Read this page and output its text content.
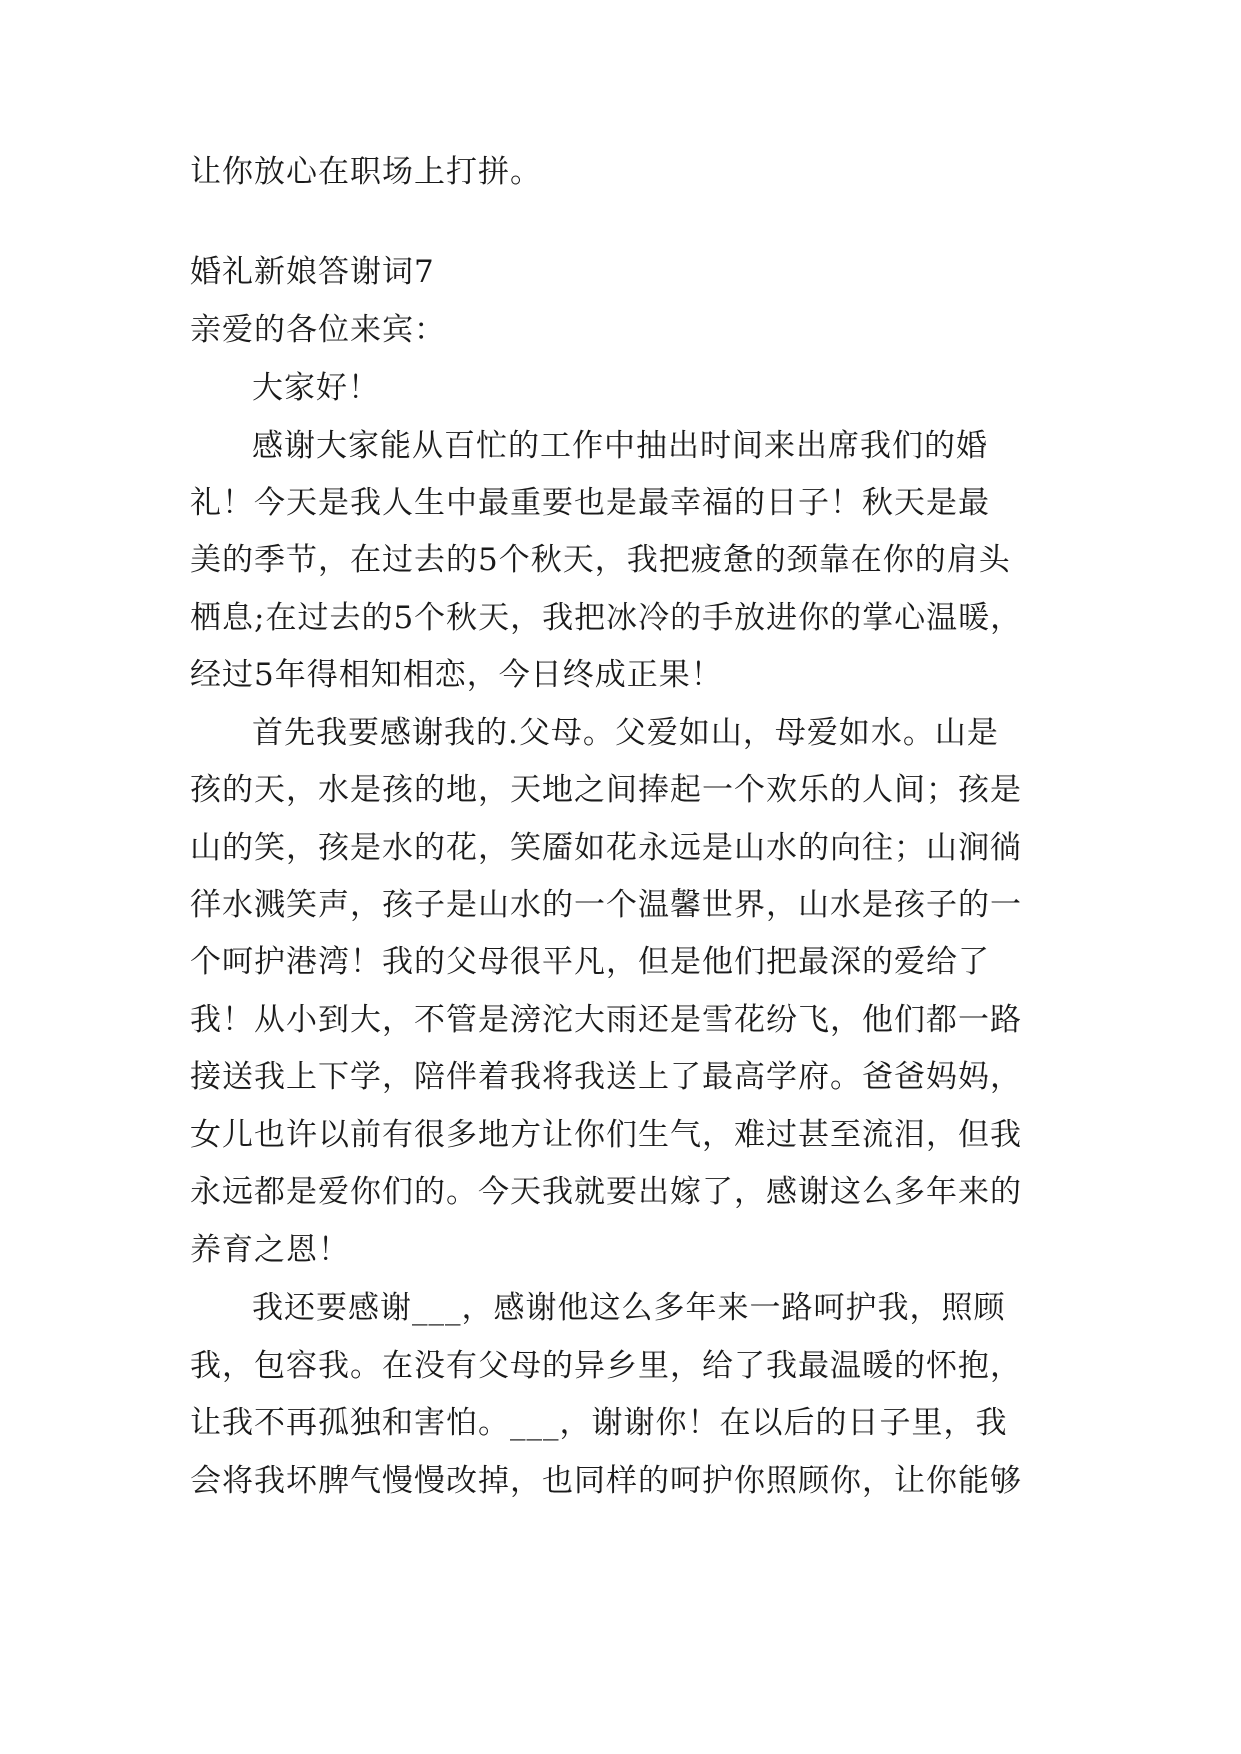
让你放心在职场上打拼。
婚礼新娘答谢词7
亲爱的各位来宾：
大家好！
感谢大家能从百忙的工作中抽出时间来出席我们的婚
礼！今天是我人生中最重要也是最幸福的日子！秋天是最
美的季节，在过去的5个秋天，我把疲惫的颈靠在你的肩头
栖息;在过去的5个秋天，我把冰冷的手放进你的掌心温暖，
经过5年得相知相恋，今日终成正果！
首先我要感谢我的.父母。父爱如山，母爱如水。山是
孩的天，水是孩的地，天地之间捧起一个欢乐的人间；孩是
山的笑，孩是水的花，笑靥如花永远是山水的向往；山涧徜
徉水溅笑声，孩子是山水的一个温馨世界，山水是孩子的一
个呵护港湾！我的父母很平凡，但是他们把最深的爱给了
我！从小到大，不管是滂沱大雨还是雪花纷飞，他们都一路
接送我上下学，陪伴着我将我送上了最高学府。爸爸妈妈，
女儿也许以前有很多地方让你们生气，难过甚至流泪，但我
永远都是爱你们的。今天我就要出嫁了，感谢这么多年来的
养育之恩！
我还要感谢___，感谢他这么多年来一路呵护我，照顾
我，包容我。在没有父母的异乡里，给了我最温暖的怀抱，
让我不再孤独和害怕。___，谢谢你！在以后的日子里，我
会将我坏脾气慢慢改掉，也同样的呵护你照顾你，让你能够
